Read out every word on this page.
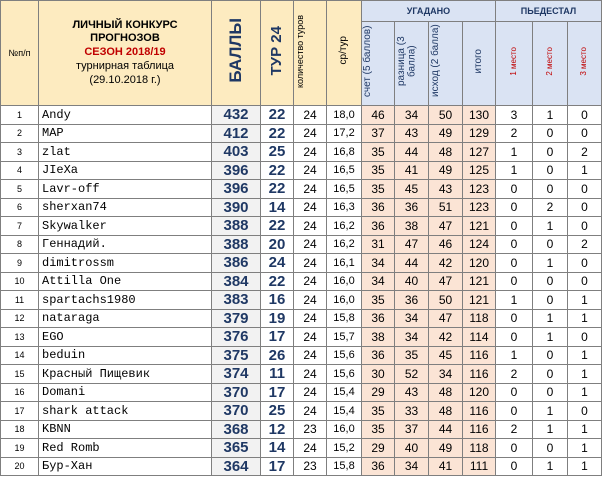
№п/п	ЛИЧНЫЙ КОНКУРС
ПРОГНОЗОВ
СЕЗОН 2018/19
турнирная таблица
(29.10.2018 г.)	БАЛЛЫ	ТУР 24	количество туров	ср/тур	УГАДАНО				ПЬЕДЕСТАЛ		
						счет (5 баллов)	разница (3 балла)	исход (2 балла)	итого	1 место	2 место	3 место
1	Andy	432	22	24	18,0	46	34	50	130	3	1	0
2	МАР	412	22	24	17,2	37	43	49	129	2	0	0
3	zlat	403	25	24	16,8	35	44	48	127	1	0	2
4	JIeXa	396	22	24	16,5	35	41	49	125	1	0	1
5	Lavr-off	396	22	24	16,5	35	45	43	123	0	0	0
6	sherxan74	390	14	24	16,3	36	36	51	123	0	2	0
7	Skywalker	388	22	24	16,2	36	38	47	121	0	1	0
8	Геннадий.	388	20	24	16,2	31	47	46	124	0	0	2
9	dimitrossm	386	24	24	16,1	34	44	42	120	0	1	0
10	Attilla One	384	22	24	16,0	34	40	47	121	0	0	0
11	spartachs1980	383	16	24	16,0	35	36	50	121	1	0	1
12	nataraga	379	19	24	15,8	36	34	47	118	0	1	1
13	EGO	376	17	24	15,7	38	34	42	114	0	1	0
14	beduin	375	26	24	15,6	36	35	45	116	1	0	1
15	Красный Пищевик	374	11	24	15,6	30	52	34	116	2	0	1
16	Domani	370	17	24	15,4	29	43	48	120	0	0	1
17	shark attack	370	25	24	15,4	35	33	48	116	0	1	0
18	KBNN	368	12	23	16,0	35	37	44	116	2	1	1
19	Red Romb	365	14	24	15,2	29	40	49	118	0	0	1
20	Бур-Хан	364	17	23	15,8	36	34	41	111	0	1	1
